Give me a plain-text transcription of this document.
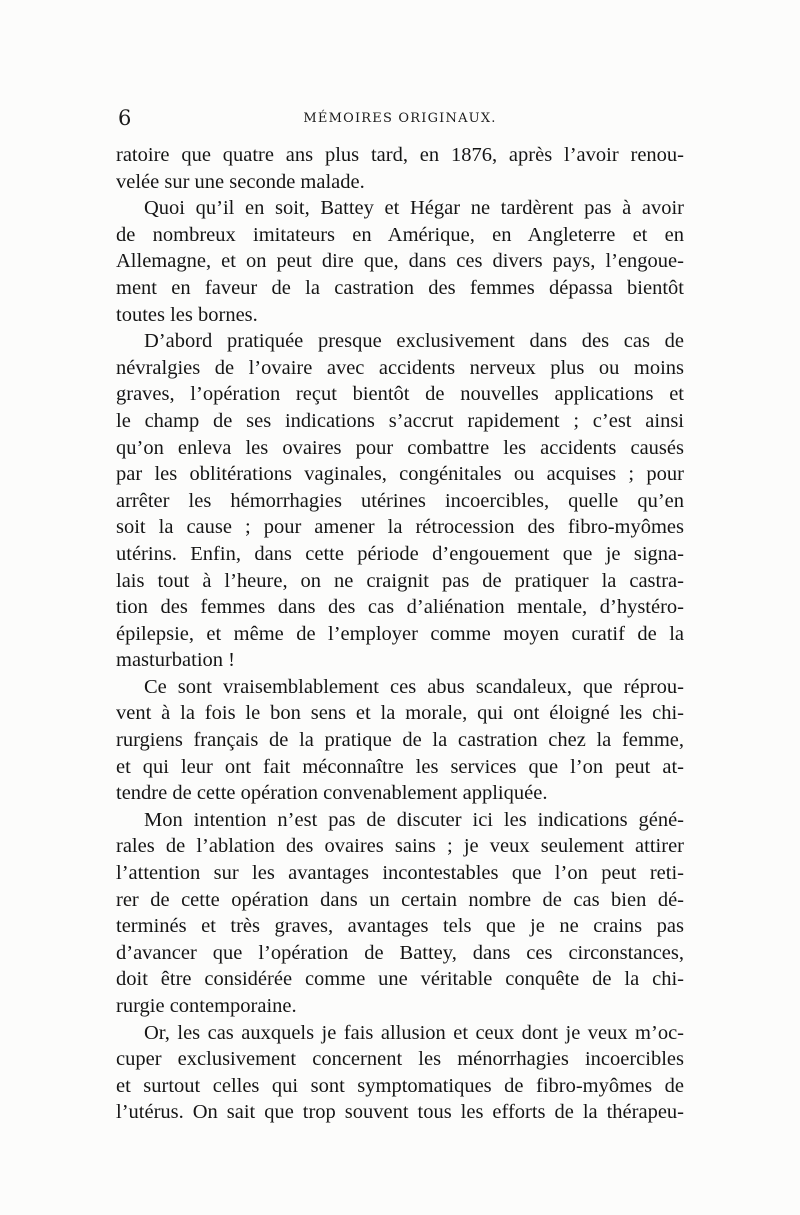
6	MÉMOIRES ORIGINAUX.
ratoire que quatre ans plus tard, en 1876, après l’avoir renou-
velée sur une seconde malade.
Quoi qu’il en soit, Battey et Hégar ne tardèrent pas à avoir
de nombreux imitateurs en Amérique, en Angleterre et en
Allemagne, et on peut dire que, dans ces divers pays, l’engoue-
ment en faveur de la castration des femmes dépassa bientôt
toutes les bornes.
D’abord pratiquée presque exclusivement dans des cas de
névralgies de l’ovaire avec accidents nerveux plus ou moins
graves, l’opération reçut bientôt de nouvelles applications et
le champ de ses indications s’accrut rapidement ; c’est ainsi
qu’on enleva les ovaires pour combattre les accidents causés
par les oblitérations vaginales, congénitales ou acquises ; pour
arrêter les hémorrhagies utérines incoercibles, quelle qu’en
soit la cause ; pour amener la rétrocession des fibro-myômes
utérins. Enfin, dans cette période d’engouement que je signa-
lais tout à l’heure, on ne craignit pas de pratiquer la castra-
tion des femmes dans des cas d’aliénation mentale, d’hystéro-
épilepsie, et même de l’employer comme moyen curatif de la
masturbation !
Ce sont vraisemblablement ces abus scandaleux, que réprou-
vent à la fois le bon sens et la morale, qui ont éloigné les chi-
rurgiens français de la pratique de la castration chez la femme,
et qui leur ont fait méconnaître les services que l’on peut at-
tendre de cette opération convenablement appliquée.
Mon intention n’est pas de discuter ici les indications géné-
rales de l’ablation des ovaires sains ; je veux seulement attirer
l’attention sur les avantages incontestables que l’on peut reti-
rer de cette opération dans un certain nombre de cas bien dé-
terminés et très graves, avantages tels que je ne crains pas
d’avancer que l’opération de Battey, dans ces circonstances,
doit être considérée comme une véritable conquête de la chi-
rurgie contemporaine.
Or, les cas auxquels je fais allusion et ceux dont je veux m’oc-
cuper exclusivement concernent les ménorrhagies incoercibles
et surtout celles qui sont symptomatiques de fibro-myômes de
l’utérus. On sait que trop souvent tous les efforts de la thérapeu-
